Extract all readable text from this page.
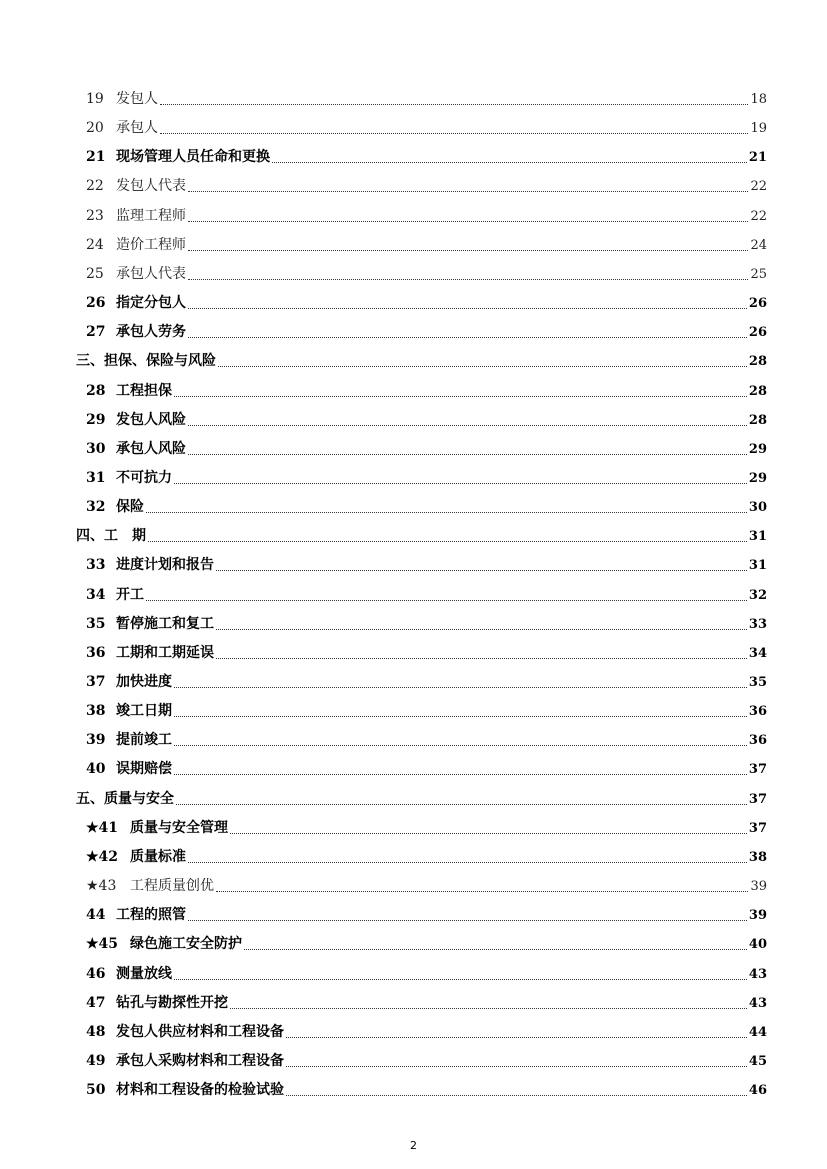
19 发包人	18
20 承包人	19
21 现场管理人员任命和更换	21
22 发包人代表	22
23 监理工程师	22
24 造价工程师	24
25 承包人代表	25
26 指定分包人	26
27 承包人劳务	26
三、担保、保险与风险	28
28 工程担保	28
29 发包人风险	28
30 承包人风险	29
31 不可抗力	29
32 保险	30
四、工　期	31
33 进度计划和报告	31
34 开工	32
35 暂停施工和复工	33
36 工期和工期延误	34
37 加快进度	35
38 竣工日期	36
39 提前竣工	36
40 误期赔偿	37
五、质量与安全	37
★41 质量与安全管理	37
★42 质量标准	38
★43 工程质量创优	39
44 工程的照管	39
★45 绿色施工安全防护	40
46 测量放线	43
47 钻孔与勘探性开挖	43
48 发包人供应材料和工程设备	44
49 承包人采购材料和工程设备	45
50 材料和工程设备的检验试验	46
2
